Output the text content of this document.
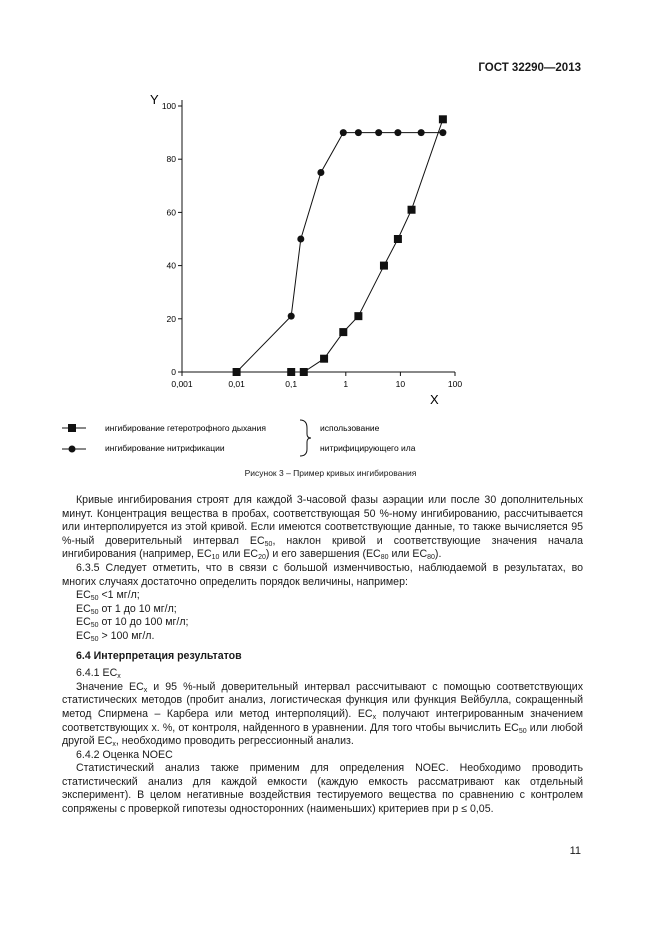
ГОСТ 32290—2013
0,001	0,01	0,1	1	10	100
0
20
40
60
80
100
Y
X
ингибирование гетеротрофного дыхания
ингибирование нитрификации
использование
нитрифицирующего ила
Рисунок 3 – Пример кривых ингибирования

Кривые ингибирования строят для каждой 3-часовой фазы аэрации или после 30 дополнительных минут. Концентрация вещества в пробах, соответствующая 50 %-ному ингибированию, рассчитывается или интерполируется из этой кривой. Если имеются соответствующие данные, то также вычисляется 95 %-ный доверительный интервал $EC_{50}$, наклон кривой и соответствующие значения начала ингибирования (например, $EC_{10}$ или $EC_{20}$) и его завершения ($EC_{80}$ или $EC_{80}$).

6.3.5 Следует отметить, что в связи с большой изменчивостью, наблюдаемой в результатах, во многих случаях достаточно определить порядок величины, например:

$EC_{50} <1$ мг/л;

$EC_{50}$ от 1 до 10 мг/л;

$EC_{50}$ от 10 до 100 мг/л;

$EC_{50} > 100$ мг/л.

6.4 Интерпретация результатов

6.4.1 $EC_x$

Значение $EC_x$ и 95 %-ный доверительный интервал рассчитывают с помощью соответствующих статистических методов (пробит анализ, логистическая функция или функция Вейбулла, сокращенный метод Спирмена – Карбера или метод интерполяций). $EC_x$ получают интегрированным значением соответствующих x. %, от контроля, найденного в уравнении. Для того чтобы вычислить $EC_{50}$ или любой другой $EC_x$, необходимо проводить регрессионный анализ.

6.4.2 Оценка NOEC

Статистический анализ также применим для определения NOEC. Необходимо проводить статистический анализ для каждой емкости (каждую емкость рассматривают как отдельный эксперимент). В целом негативные воздействия тестируемого вещества по сравнению с контролем сопряжены с проверкой гипотезы односторонних (наименьших) критериев при p ≤ 0,05.

11
